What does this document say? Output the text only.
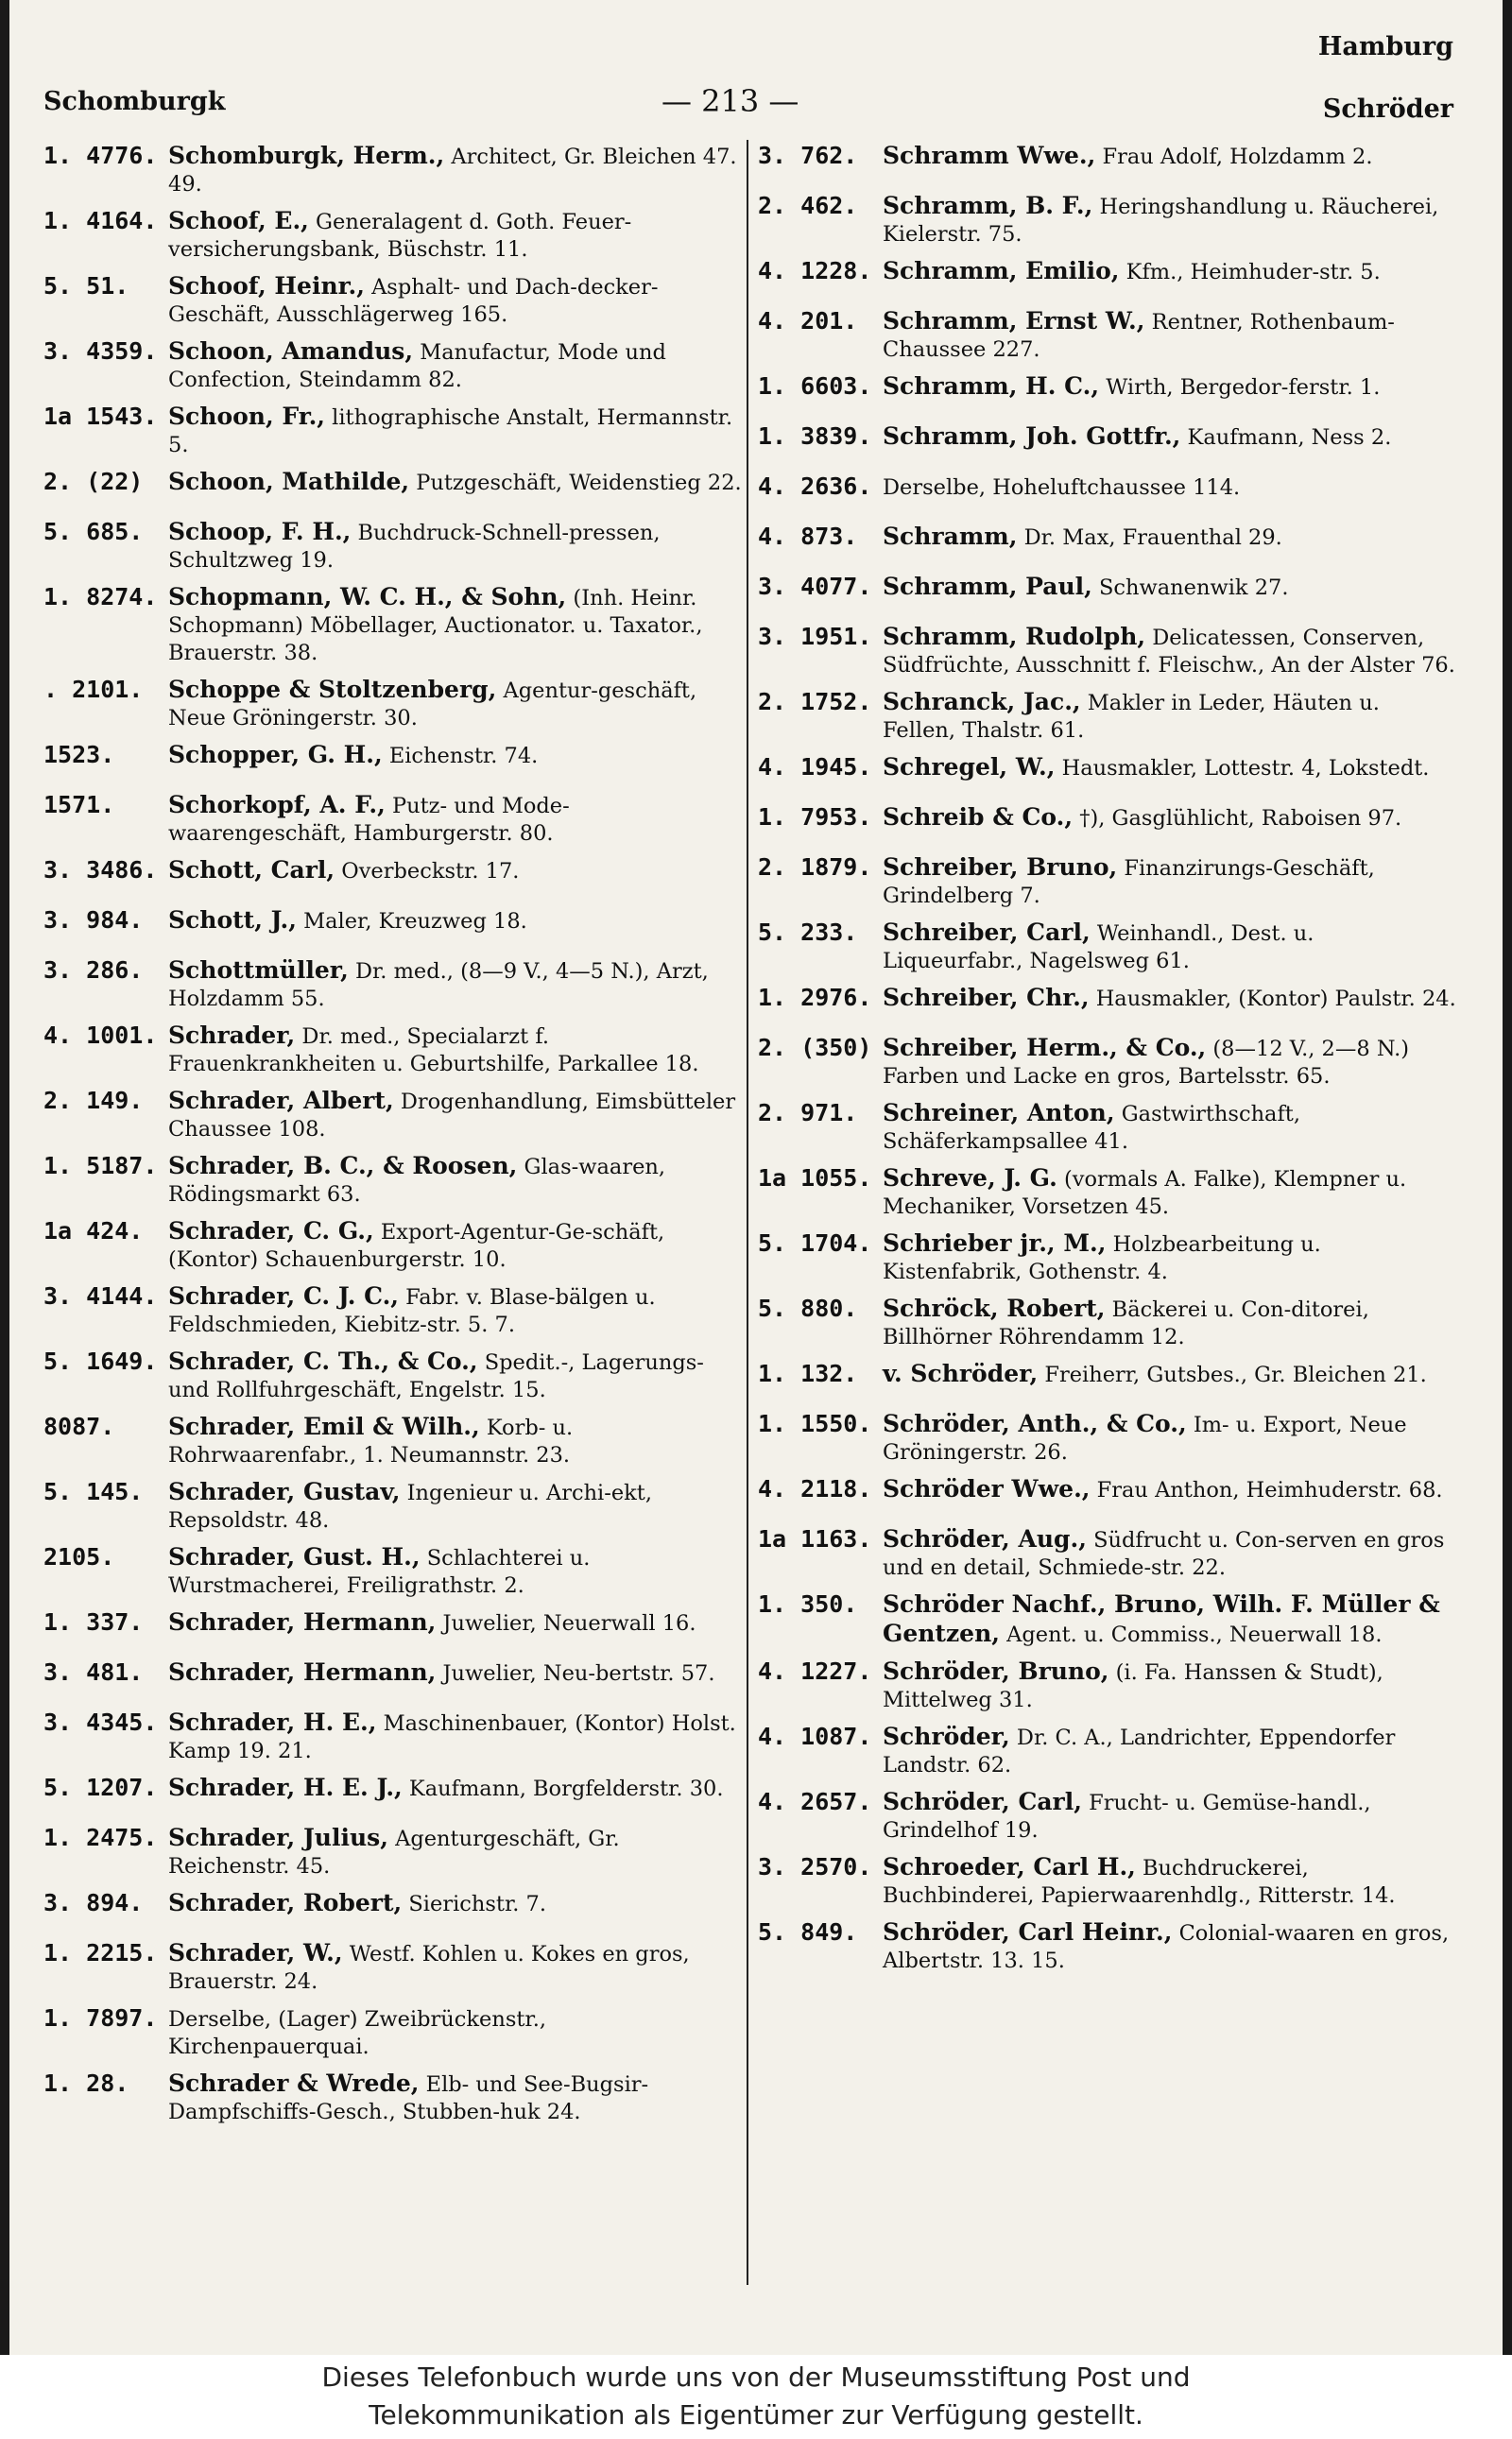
Schomburgk	— 213 —
Hamburg
Schröder
1. 4776. Schomburgk, Herm., Architect, Gr. Bleichen 47. 49.
1. 4164. Schoof, E., Generalagent d. Goth. Feuer-versicherungsbank, Büschstr. 11.
5. 51.	Schoof, Heinr., Asphalt- und Dach-decker-Geschäft, Ausschlägerweg 165.
3. 4359. Schoon, Amandus, Manufactur, Mode und Confection, Steindamm 82.
1a 1543. Schoon, Fr., lithographische Anstalt, Hermannstr. 5.
2. (22)	Schoon, Mathilde, Putzgeschäft, Weidenstieg 22.
5. 685.	Schoop, F. H., Buchdruck-Schnell-pressen, Schultzweg 19.
1. 8274. Schopmann, W. C. H., & Sohn, (Inh. Heinr. Schopmann) Möbellager, Auctionator. u. Taxator., Brauerstr. 38.
. 2101.	Schoppe & Stoltzenberg, Agentur-geschäft, Neue Gröningerstr. 30.
1523.	Schopper, G. H., Eichenstr. 74.
1571.	Schorkopf, A. F., Putz- und Mode-waarengeschäft, Hamburgerstr. 80.
3. 3486. Schott, Carl, Overbeckstr. 17.
3. 984.	Schott, J., Maler, Kreuzweg 18.
3. 286.	Schottmüller, Dr. med., (8—9 V., 4—5 N.), Arzt, Holzdamm 55.
4. 1001. Schrader, Dr. med., Specialarzt f. Frauenkrankheiten u. Geburtshilfe, Parkallee 18.
2. 149.	Schrader, Albert, Drogenhandlung, Eimsbütteler Chaussee 108.
1. 5187. Schrader, B. C., & Roosen, Glas-waaren, Rödingsmarkt 63.
1a 424.	Schrader, C. G., Export-Agentur-Ge-schäft, (Kontor) Schauenburgerstr. 10.
3. 4144. Schrader, C. J. C., Fabr. v. Blase-bälgen u. Feldschmieden, Kiebitz-str. 5. 7.
5. 1649. Schrader, C. Th., & Co., Spedit.-, Lagerungs- und Rollfuhrgeschäft, Engelstr. 15.
8087.	Schrader, Emil & Wilh., Korb- u. Rohrwaarenfabr., 1. Neumannstr. 23.
5. 145.	Schrader, Gustav, Ingenieur u. Archi-ekt, Repsoldstr. 48.
2105.	Schrader, Gust. H., Schlachterei u. Wurstmacherei, Freiligrathstr. 2.
1. 337.	Schrader, Hermann, Juwelier, Neuerwall 16.
3. 481.	Schrader, Hermann, Juwelier, Neu-bertstr. 57.
3. 4345. Schrader, H. E., Maschinenbauer, (Kontor) Holst. Kamp 19. 21.
5. 1207. Schrader, H. E. J., Kaufmann, Borgfelderstr. 30.
1. 2475. Schrader, Julius, Agenturgeschäft, Gr. Reichenstr. 45.
3. 894.	Schrader, Robert, Sierichstr. 7.
1. 2215. Schrader, W., Westf. Kohlen u. Kokes en gros, Brauerstr. 24.
1. 7897. Derselbe, (Lager) Zweibrückenstr., Kirchenpauerquai.
1. 28.	Schrader & Wrede, Elb- und See-Bugsir-Dampfschiffs-Gesch., Stubben-huk 24.
3. 762.	Schramm Wwe., Frau Adolf, Holzdamm 2.
2. 462.	Schramm, B. F., Heringshandlung u. Räucherei, Kielerstr. 75.
4. 1228. Schramm, Emilio, Kfm., Heimhuder-str. 5.
4. 201.	Schramm, Ernst W., Rentner, Rothenbaum-Chaussee 227.
1. 6603. Schramm, H. C., Wirth, Bergedor-ferstr. 1.
1. 3839. Schramm, Joh. Gottfr., Kaufmann, Ness 2.
4. 2636. Derselbe, Hoheluftchaussee 114.
4. 873.	Schramm, Dr. Max, Frauenthal 29.
3. 4077. Schramm, Paul, Schwanenwik 27.
3. 1951. Schramm, Rudolph, Delicatessen, Conserven, Südfrüchte, Ausschnitt f. Fleischw., An der Alster 76.
2. 1752. Schranck, Jac., Makler in Leder, Häuten u. Fellen, Thalstr. 61.
4. 1945. Schregel, W., Hausmakler, Lottestr. 4, Lokstedt.
1. 7953. Schreib & Co., †), Gasglühlicht, Raboisen 97.
2. 1879. Schreiber, Bruno, Finanzirungs-Geschäft, Grindelberg 7.
5. 233.	Schreiber, Carl, Weinhandl., Dest. u. Liqueurfabr., Nagelsweg 61.
1. 2976. Schreiber, Chr., Hausmakler, (Kontor) Paulstr. 24.
2. (350) Schreiber, Herm., & Co., (8—12 V., 2—8 N.) Farben und Lacke en gros, Bartelsstr. 65.
2. 971.	Schreiner, Anton, Gastwirthschaft, Schäferkampsallee 41.
1a 1055. Schreve, J. G. (vormals A. Falke), Klempner u. Mechaniker, Vorsetzen 45.
5. 1704. Schrieber jr., M., Holzbearbeitung u. Kistenfabrik, Gothenstr. 4.
5. 880.	Schröck, Robert, Bäckerei u. Con-ditorei, Billhörner Röhrendamm 12.
1. 132.	v. Schröder, Freiherr, Gutsbes., Gr. Bleichen 21.
1. 1550. Schröder, Anth., & Co., Im- u. Export, Neue Gröningerstr. 26.
4. 2118. Schröder Wwe., Frau Anthon, Heimhuderstr. 68.
1a 1163. Schröder, Aug., Südfrucht u. Con-serven en gros und en detail, Schmiede-str. 22.
1. 350.	Schröder Nachf., Bruno, Wilh. F. Müller & Gentzen, Agent. u. Commiss., Neuerwall 18.
4. 1227. Schröder, Bruno, (i. Fa. Hanssen & Studt), Mittelweg 31.
4. 1087. Schröder, Dr. C. A., Landrichter, Eppendorfer Landstr. 62.
4. 2657. Schröder, Carl, Frucht- u. Gemüse-handl., Grindelhof 19.
3. 2570. Schroeder, Carl H., Buchdruckerei, Buchbinderei, Papierwaarenhdlg., Ritterstr. 14.
5. 849.	Schröder, Carl Heinr., Colonial-waaren en gros, Albertstr. 13. 15.
Dieses Telefonbuch wurde uns von der Museumsstiftung Post und
Telekommunikation als Eigentümer zur Verfügung gestellt.
